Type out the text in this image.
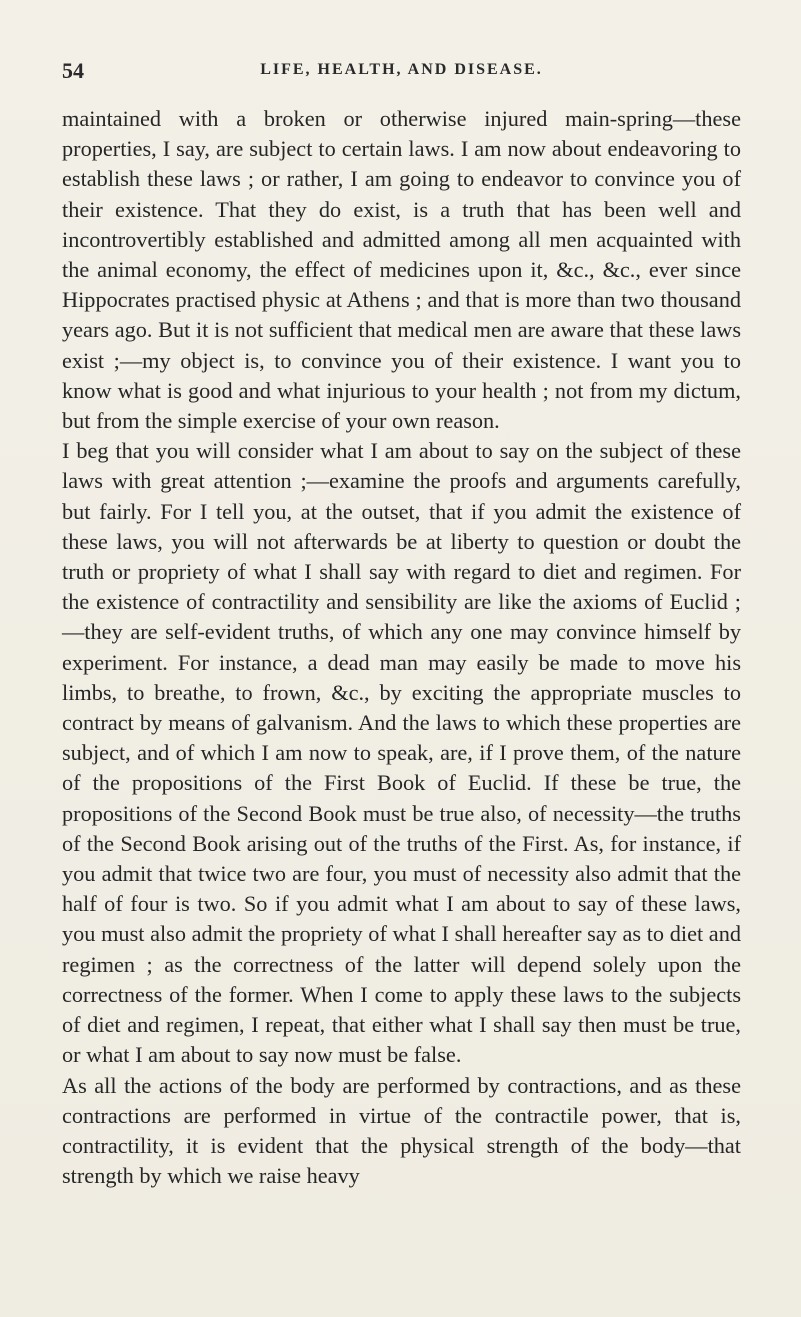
54	LIFE, HEALTH, AND DISEASE.

maintained with a broken or otherwise injured main-spring—these properties, I say, are subject to certain laws. I am now about endeavoring to establish these laws ; or rather, I am going to endeavor to convince you of their existence. That they do exist, is a truth that has been well and incontrovertibly established and admitted among all men acquainted with the animal economy, the effect of medicines upon it, &c., &c., ever since Hippocrates practised physic at Athens ; and that is more than two thousand years ago. But it is not sufficient that medical men are aware that these laws exist ;—my object is, to convince you of their existence. I want you to know what is good and what injurious to your health ; not from my dictum, but from the simple exercise of your own reason.

I beg that you will consider what I am about to say on the subject of these laws with great attention ;—examine the proofs and arguments carefully, but fairly. For I tell you, at the outset, that if you admit the existence of these laws, you will not afterwards be at liberty to question or doubt the truth or propriety of what I shall say with regard to diet and regimen. For the existence of contractility and sensibility are like the axioms of Euclid ; —they are self-evident truths, of which any one may convince himself by experiment. For instance, a dead man may easily be made to move his limbs, to breathe, to frown, &c., by exciting the appropriate muscles to contract by means of galvanism. And the laws to which these properties are subject, and of which I am now to speak, are, if I prove them, of the nature of the propositions of the First Book of Euclid. If these be true, the propositions of the Second Book must be true also, of necessity—the truths of the Second Book arising out of the truths of the First. As, for instance, if you admit that twice two are four, you must of necessity also admit that the half of four is two. So if you admit what I am about to say of these laws, you must also admit the propriety of what I shall hereafter say as to diet and regimen ; as the correctness of the latter will depend solely upon the correctness of the former. When I come to apply these laws to the subjects of diet and regimen, I repeat, that either what I shall say then must be true, or what I am about to say now must be false.

As all the actions of the body are performed by contractions, and as these contractions are performed in virtue of the contractile power, that is, contractility, it is evident that the physical strength of the body—that strength by which we raise heavy
